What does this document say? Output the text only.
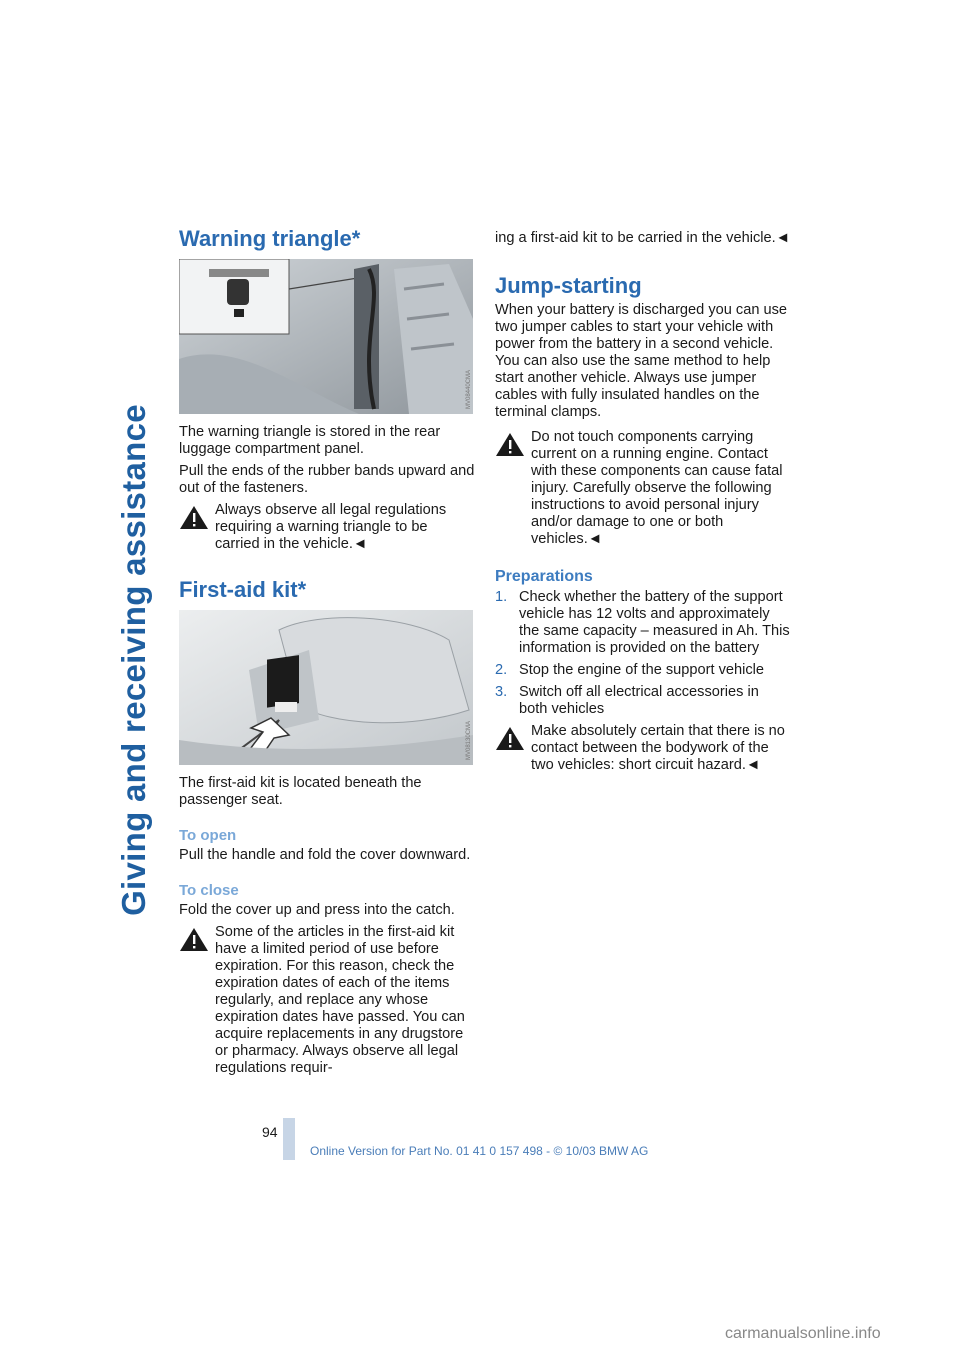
Giving and receiving assistance
Warning triangle*
MV08440CMA

The warning triangle is stored in the rear luggage compartment panel.

Pull the ends of the rubber bands upward and out of the fasteners.

Always observe all legal regulations requiring a warning triangle to be carried in the vehicle.◄
First-aid kit*
MV08130CMA

The first-aid kit is located beneath the passenger seat.

To open

Pull the handle and fold the cover downward.

To close

Fold the cover up and press into the catch.

Some of the articles in the first-aid kit have a limited period of use before expiration. For this reason, check the expiration dates of each of the items regularly, and replace any whose expiration dates have passed. You can acquire replacements in any drugstore or pharmacy. Always observe all legal regulations requir-

ing a first-aid kit to be carried in the vehicle.◄

Jump-starting

When your battery is discharged you can use two jumper cables to start your vehicle with power from the battery in a second vehicle. You can also use the same method to help start another vehicle. Always use jumper cables with fully insulated handles on the terminal clamps.

Do not touch components carrying current on a running engine. Contact with these components can cause fatal injury. Carefully observe the following instructions to avoid personal injury and/or damage to one or both vehicles.◄
Preparations
1. Check whether the battery of the support vehicle has 12 volts and approximately the same capacity – measured in Ah. This information is provided on the battery
2. Stop the engine of the support vehicle
3. Switch off all electrical accessories in both vehicles
Make absolutely certain that there is no contact between the bodywork of the two vehicles: short circuit hazard.◄
94
Online Version for Part No. 01 41 0 157 498 - © 10/03 BMW AG
carmanualsonline.info
